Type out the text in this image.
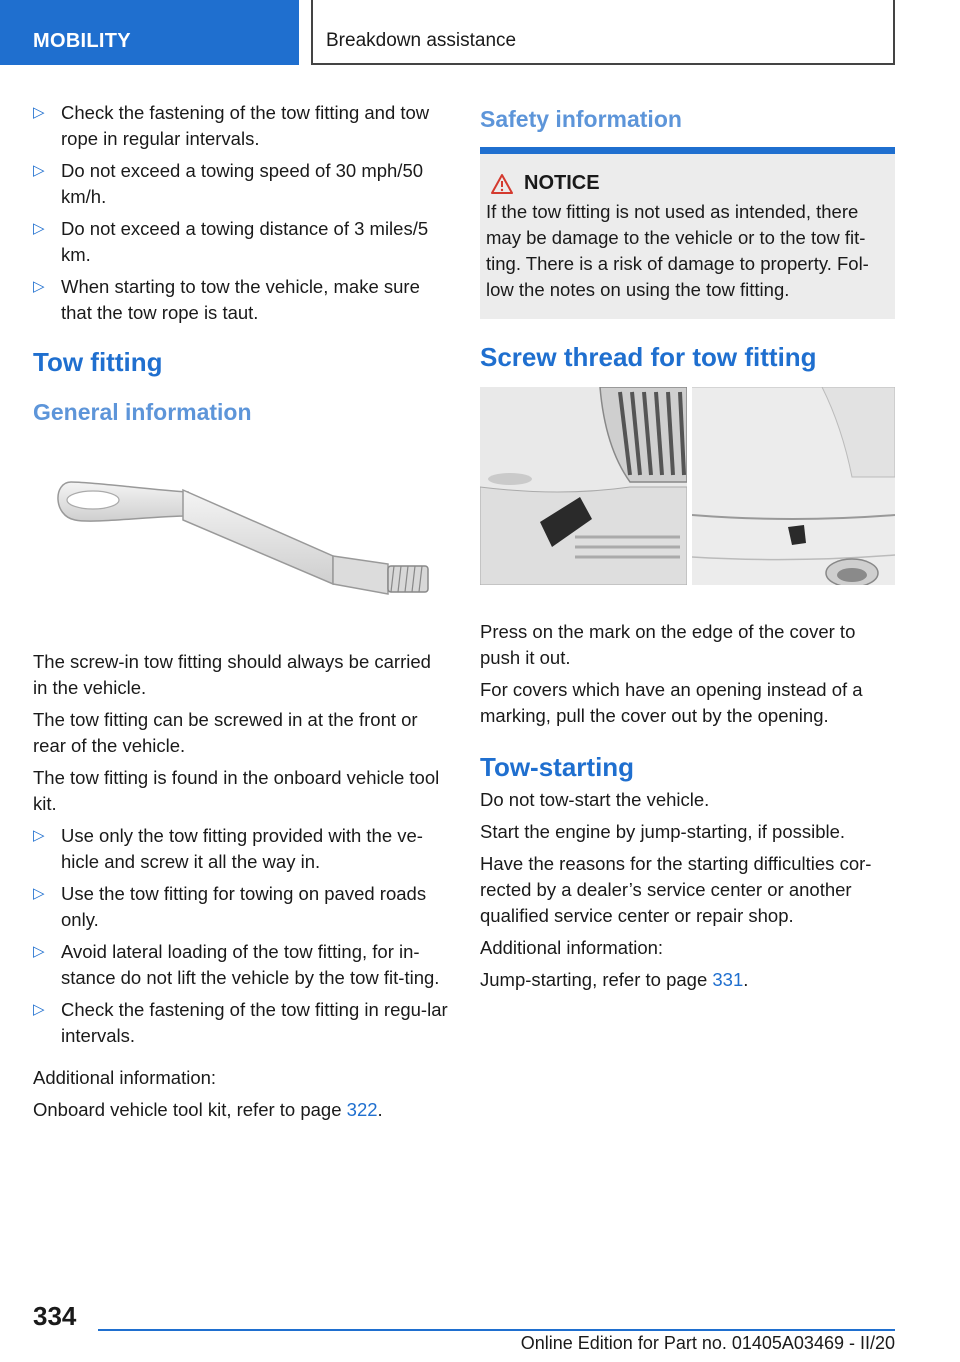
MOBILITY	Breakdown assistance
▷ Check the fastening of the tow fitting and tow rope in regular intervals.
▷ Do not exceed a towing speed of 30 mph/50 km/h.
▷ Do not exceed a towing distance of 3 miles/5 km.
▷ When starting to tow the vehicle, make sure that the tow rope is taut.
Tow fitting
General information

The screw-in tow fitting should always be carried in the vehicle.

The tow fitting can be screwed in at the front or rear of the vehicle.

The tow fitting is found in the onboard vehicle tool kit.

▷ Use only the tow fitting provided with the ve‐hicle and screw it all the way in.
▷ Use the tow fitting for towing on paved roads only.
▷ Avoid lateral loading of the tow fitting, for in‐stance do not lift the vehicle by the tow fit‐ting.
▷ Check the fastening of the tow fitting in regu‐lar intervals.

Additional information:

Onboard vehicle tool kit, refer to page 322.

Safety information
NOTICE

If the tow fitting is not used as intended, there may be damage to the vehicle or to the tow fit‐ting. There is a risk of damage to property. Fol‐low the notes on using the tow fitting.

Screw thread for tow fitting

Press on the mark on the edge of the cover to push it out.

For covers which have an opening instead of a marking, pull the cover out by the opening.

Tow-starting

Do not tow-start the vehicle.

Start the engine by jump-starting, if possible.

Have the reasons for the starting difficulties cor‐rected by a dealer’s service center or another qualified service center or repair shop.

Additional information:

Jump-starting, refer to page 331.

334
Online Edition for Part no. 01405A03469 - II/20
